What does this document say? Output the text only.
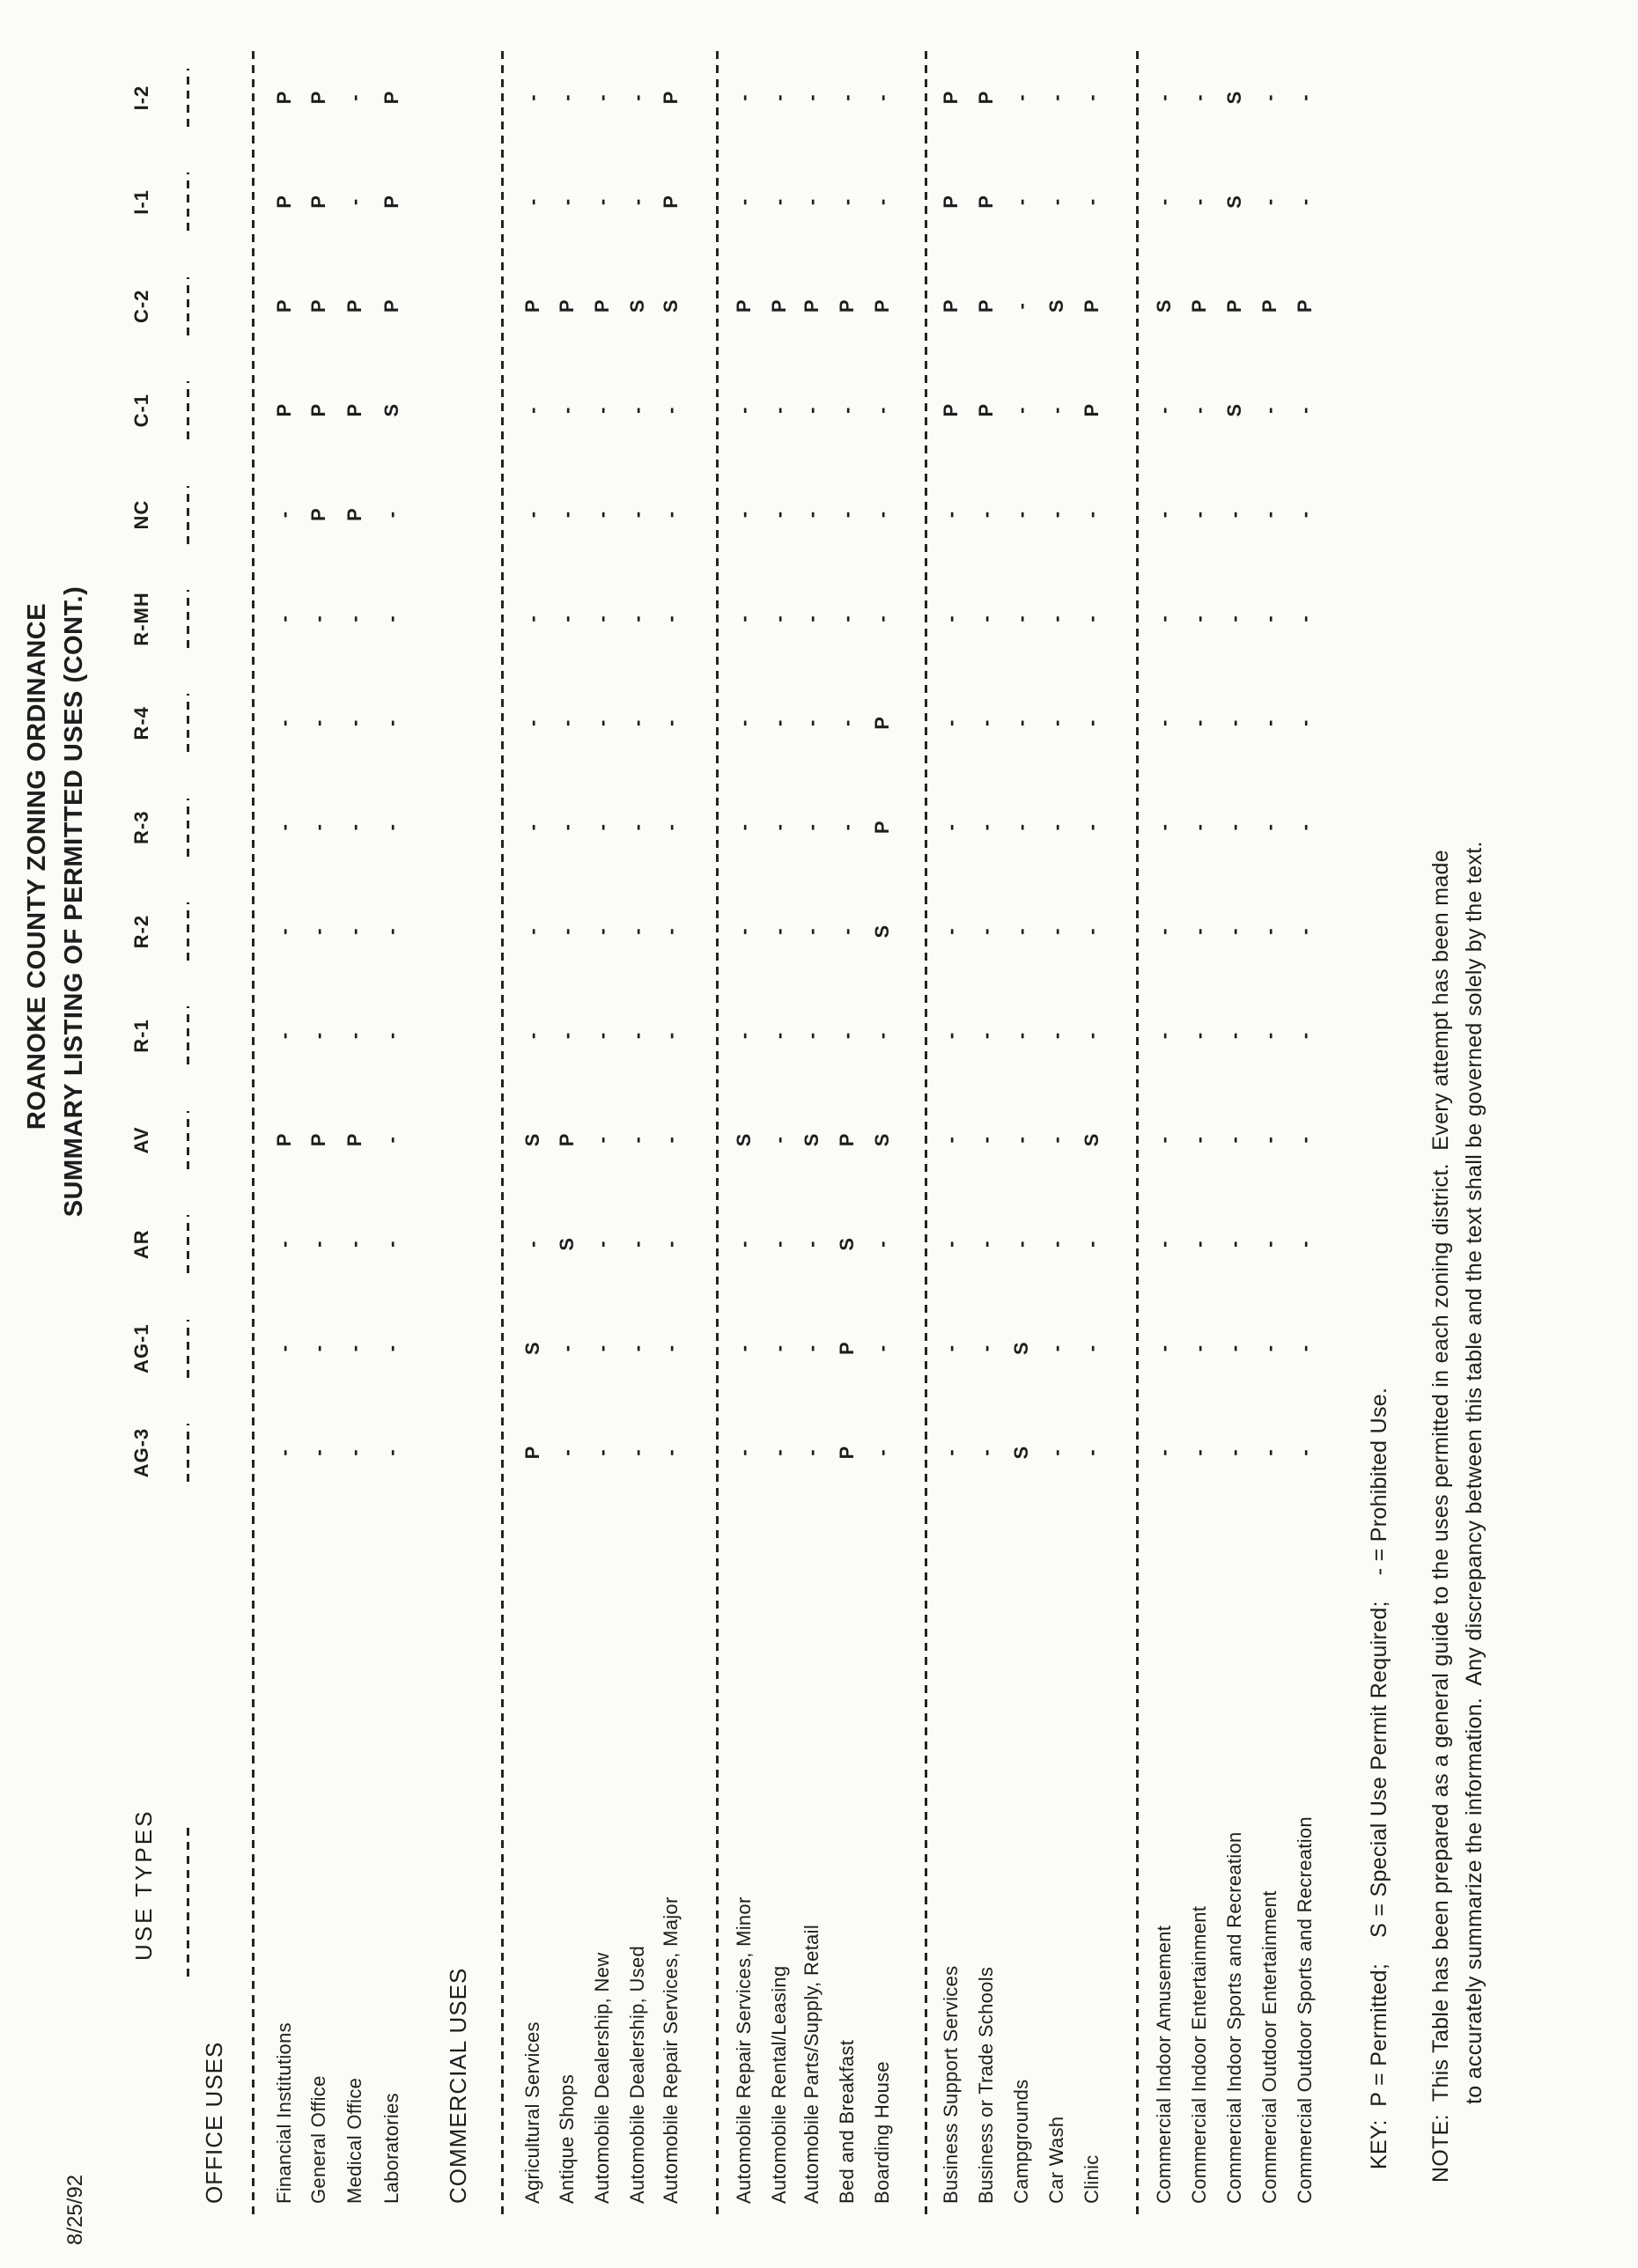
8/25/92
ROANOKE COUNTY ZONING ORDINANCE SUMMARY LISTING OF PERMITTED USES (CONT.)
USE TYPES
AG-3
AG-1
AR
AV
R-1
R-2
R-3
R-4
R-MH
NC
C-1
C-2
I-1
I-2
OFFICE USES Financial Institutions
-
-
-
P
-
-
-
-
-
-
P
P
P
P
General Office
-
-
-
P
-
-
-
-
-
P
P
P
P
P
Medical Office
-
-
-
P
-
-
-
-
-
P
P
P
-
-
Laboratories
-
-
-
-
-
-
-
-
-
-
S
P
P
P
COMMERCIAL USES	Agricultural Services
P
S
-
S
-
-
-
-
-
-
-
P
-
-
Antique Shops
-
-
S
P
-
-
-
-
-
-
-
P
-
-
Automobile Dealership, New
-
-
-
-
-
-
-
-
-
-
-
P
-
-
Automobile Dealership, Used
-
-
-
-
-
-
-
-
-
-
-
S
-
-
Automobile Repair Services, Major
-
-
-
-
-
-
-
-
-
-
-
S
P
P
Automobile Repair Services, Minor
-
-
-
S
-
-
-
-
-
-
-
P
-
-
Automobile Rental/Leasing
-
-
-
-
-
-
-
-
-
-
-
P
-
-
Automobile Parts/Supply, Retail
-
-
-
S
-
-
-
-
-
-
-
P
-
-
Bed and Breakfast
P
P
S
P
-
-
-
-
-
-
-
P
-
-
Boarding House
-
-
-
S
-
S
P
P
-
-
-
P
-
-
Business Support Services
-
-
-
-
-
-
-
-
-
-
P
P
P
P
Business or Trade Schools
-
-
-
-
-
-
-
-
-
-
P
P
P
P
Campgrounds
S
S
-
-
-
-
-
-
-
-
-
-
-
-
Car Wash
-
-
-
-
-
-
-
-
-
-
-
S
-
-
Clinic
-
-
-
S
-
-
-
-
-
-
P
P
-
-
Commercial Indoor Amusement
-
-
-
-
-
-
-
-
-
-
-
S
-
-
Commercial Indoor Entertainment
-
-
-
-
-
-
-
-
-
-
-
P
-
-
Commercial Indoor Sports and Recreation
-
-
-
-
-
-
-
-
-
-
S
P
S
S
Commercial Outdoor Entertainment
-
-
-
-
-
-
-
-
-
-
-
P
-
-
Commercial Outdoor Sports and Recreation
-
-
-
-
-
-
-
-
-
-
-
P
-
-
KEY:  P = Permitted;    S = Special Use Permit Required;    - = Prohibited Use. NOTE:  This Table has been prepared as a general guide to the uses permitted in each zoning district.  Every attempt has been made to accurately summarize the information.  Any discrepancy between this table and the text shall be governed solely by the text.
